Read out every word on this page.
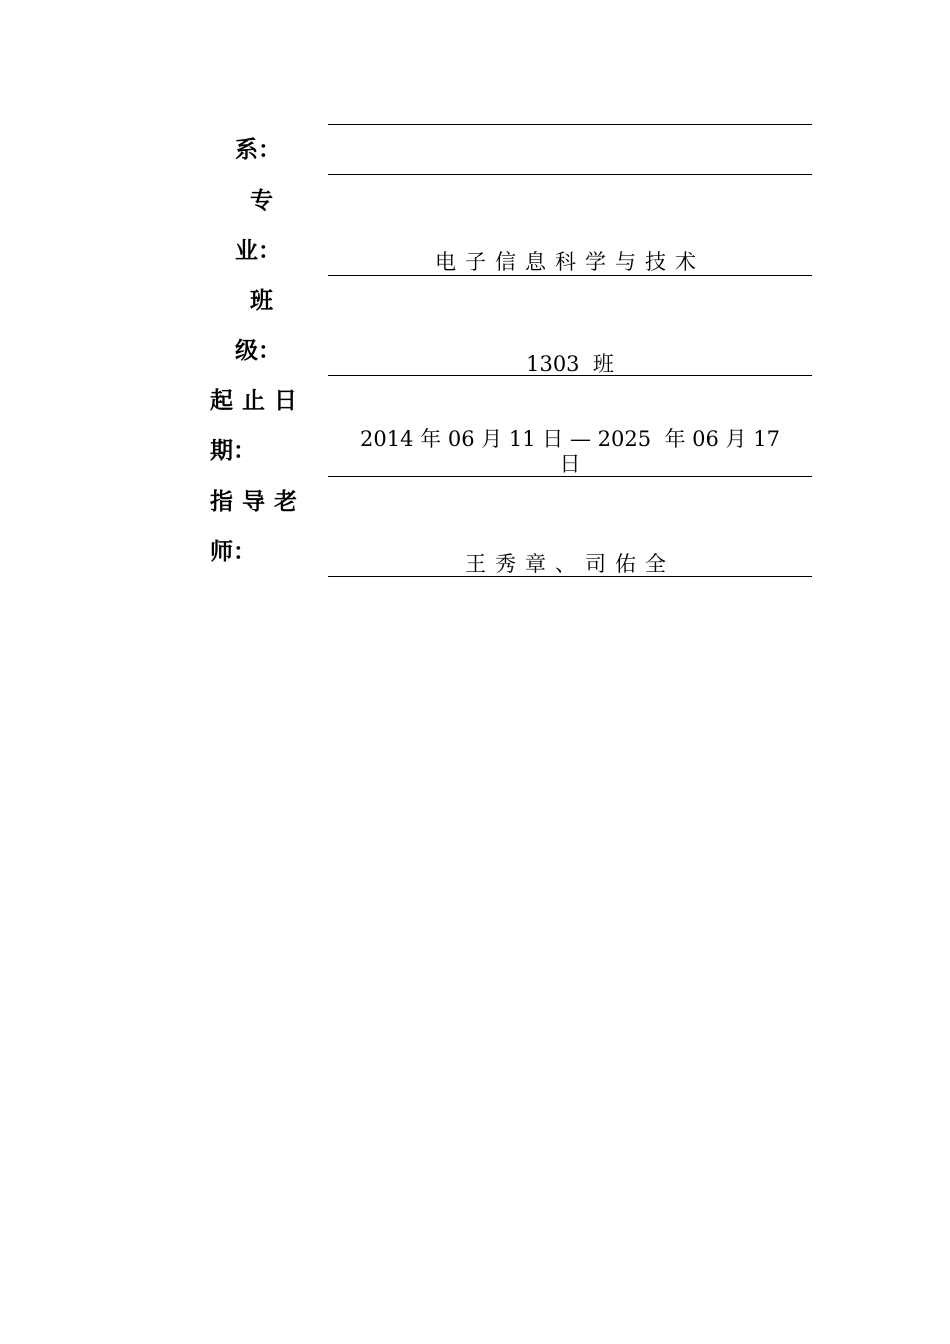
系：
专
业：	电子信息科学与技术
班
级：	1303  班
起止日
期：	2014 年 06 月 11 日 — 2025  年 06 月 17
日
指导老
师：	王秀章、司佑全
